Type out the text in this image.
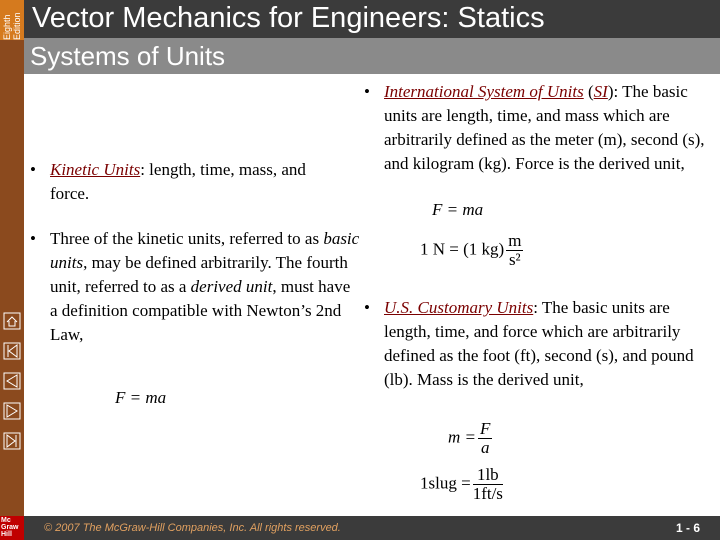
Eighth Edition Vector Mechanics for Engineers: Statics
Systems of Units
• Kinetic Units: length, time, mass, and force.
• Three of the kinetic units, referred to as basic units, may be defined arbitrarily. The fourth unit, referred to as a derived unit, must have a definition compatible with Newton’s 2nd Law,
F = ma
• International System of Units (SI): The basic units are length, time, and mass which are arbitrarily defined as the meter (m), second (s), and kilogram (kg). Force is the derived unit,
F = ma
1 N = (1 $kg) \frac{m}{\text{s²}}$
• U.S. Customary Units: The basic units are length, time, and force which are arbitrarily defined as the foot (ft), second (s), and pound (lb). Mass is the derived unit,
$m = \frac{F}{a}$
1slug = $\frac{1lb}{1ft/s}$
Mc Graw Hill
© 2007 The McGraw-Hill Companies, Inc. All rights reserved.	1 - 6
